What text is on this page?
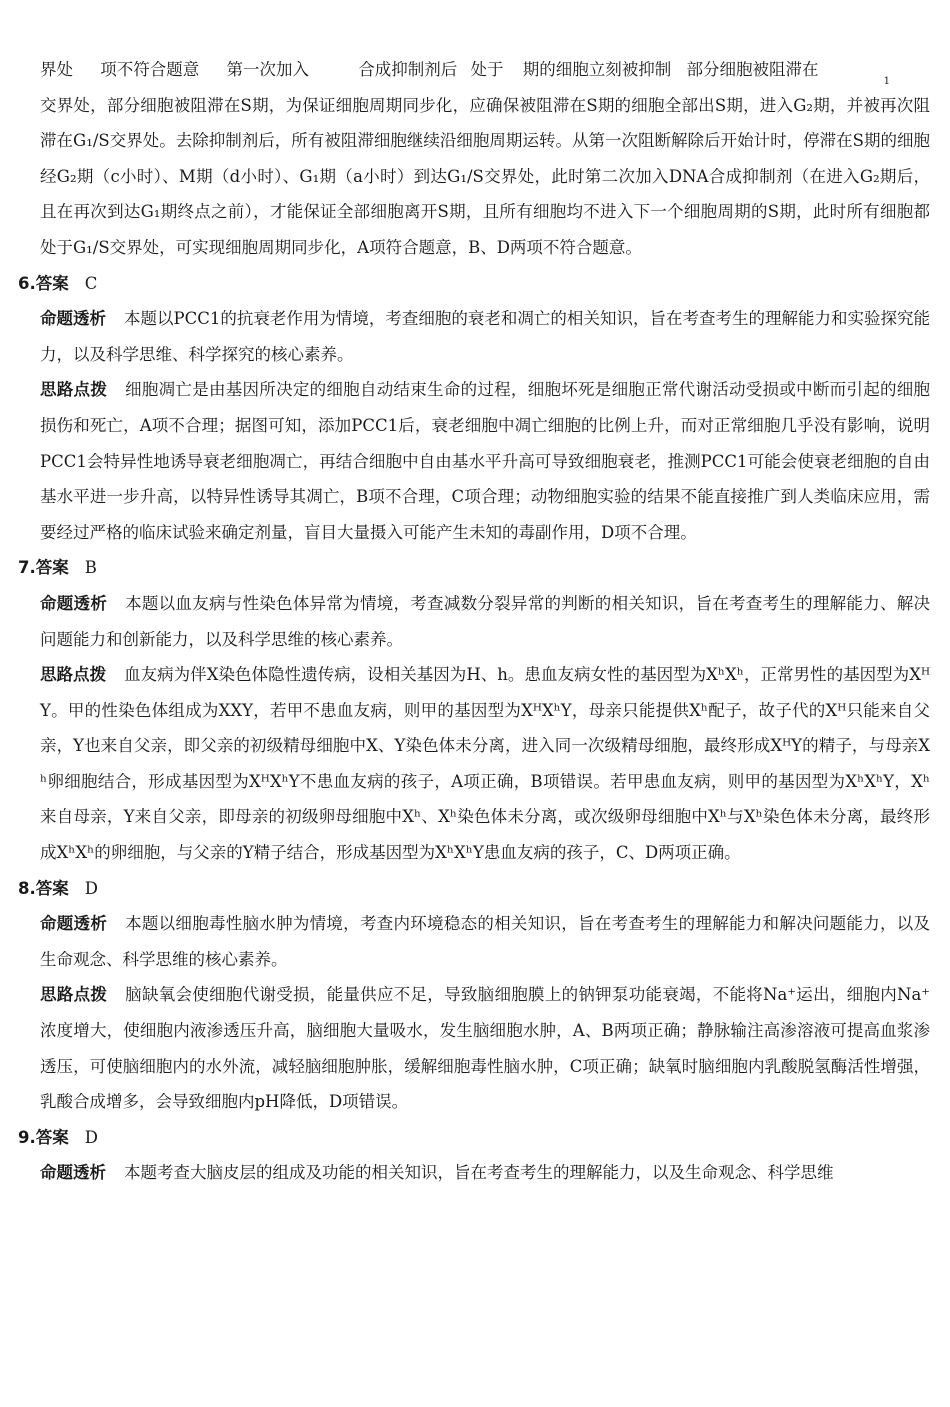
界处 项不符合题意 第一次加入	合成抑制剂后 处于 期的细胞立刻被抑制 部分细胞被阻滞在
1

交界处，部分细胞被阻滞在S期，为保证细胞周期同步化，应确保被阻滞在S期的细胞全部出S期，进入G₂期，并被再次阻滞在G₁/S交界处。去除抑制剂后，所有被阻滞细胞继续沿细胞周期运转。从第一次阻断解除后开始计时，停滞在S期的细胞经G₂期（c小时）、M期（d小时）、G₁期（a小时）到达G₁/S交界处，此时第二次加入DNA合成抑制剂（在进入G₂期后，且在再次到达G₁期终点之前），才能保证全部细胞离开S期，且所有细胞均不进入下一个细胞周期的S期，此时所有细胞都处于G₁/S交界处，可实现细胞周期同步化，A项符合题意，B、D两项不符合题意。

6.答案 C

命题透析 本题以PCC1的抗衰老作用为情境，考查细胞的衰老和凋亡的相关知识，旨在考查考生的理解能力和实验探究能力，以及科学思维、科学探究的核心素养。

思路点拨 细胞凋亡是由基因所决定的细胞自动结束生命的过程，细胞坏死是细胞正常代谢活动受损或中断而引起的细胞损伤和死亡，A项不合理；据图可知，添加PCC1后，衰老细胞中凋亡细胞的比例上升，而对正常细胞几乎没有影响，说明PCC1会特异性地诱导衰老细胞凋亡，再结合细胞中自由基水平升高可导致细胞衰老，推测PCC1可能会使衰老细胞的自由基水平进一步升高，以特异性诱导其凋亡，B项不合理，C项合理；动物细胞实验的结果不能直接推广到人类临床应用，需要经过严格的临床试验来确定剂量，盲目大量摄入可能产生未知的毒副作用，D项不合理。

7.答案 B

命题透析 本题以血友病与性染色体异常为情境，考查减数分裂异常的判断的相关知识，旨在考查考生的理解能力、解决问题能力和创新能力，以及科学思维的核心素养。

思路点拨 血友病为伴X染色体隐性遗传病，设相关基因为H、h。患血友病女性的基因型为XʰXʰ，正常男性的基因型为XᴴY。甲的性染色体组成为XXY，若甲不患血友病，则甲的基因型为XᴴXʰY，母亲只能提供Xʰ配子，故子代的Xᴴ只能来自父亲，Y也来自父亲，即父亲的初级精母细胞中X、Y染色体未分离，进入同一次级精母细胞，最终形成XᴴY的精子，与母亲Xʰ卵细胞结合，形成基因型为XᴴXʰY不患血友病的孩子，A项正确，B项错误。若甲患血友病，则甲的基因型为XʰXʰY，Xʰ来自母亲，Y来自父亲，即母亲的初级卵母细胞中Xʰ、Xʰ染色体未分离，或次级卵母细胞中Xʰ与Xʰ染色体未分离，最终形成XʰXʰ的卵细胞，与父亲的Y精子结合，形成基因型为XʰXʰY患血友病的孩子，C、D两项正确。

8.答案 D

命题透析 本题以细胞毒性脑水肿为情境，考查内环境稳态的相关知识，旨在考查考生的理解能力和解决问题能力，以及生命观念、科学思维的核心素养。

思路点拨 脑缺氧会使细胞代谢受损，能量供应不足，导致脑细胞膜上的钠钾泵功能衰竭，不能将Na⁺运出，细胞内Na⁺浓度增大，使细胞内液渗透压升高，脑细胞大量吸水，发生脑细胞水肿，A、B两项正确；静脉输注高渗溶液可提高血浆渗透压，可使脑细胞内的水外流，减轻脑细胞肿胀，缓解细胞毒性脑水肿，C项正确；缺氧时脑细胞内乳酸脱氢酶活性增强，乳酸合成增多，会导致细胞内pH降低，D项错误。

9.答案 D

命题透析 本题考查大脑皮层的组成及功能的相关知识，旨在考查考生的理解能力，以及生命观念、科学思维
